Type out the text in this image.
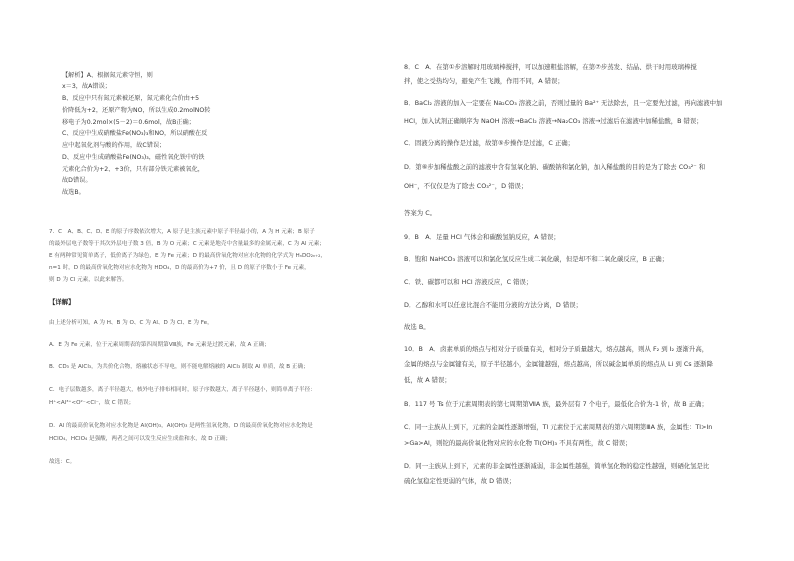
【解析】A、根据氮元素守恒，则
x＝3，故A错误；
B、反应中只有氮元素被还原，氮元素化合价由+5
价降低为+2，还原产物为NO，所以生成0.2molNO转
移电子为0.2mol×(5－2)＝0.6mol，故B正确；
C、反应中生成硝酸盐Fe(NO₃)₃和NO，所以硝酸在反
应中起氧化剂与酸的作用，故C错误；
D、反应中生成硝酸盐Fe(NO₃)₃，磁性氧化铁中的铁
元素化合价为+2、+3价，只有部分铁元素被氧化，
故D错误。
故选B。
7．C　A、B、C、D、E 的原子序数依次增大，A 原子是主族元素中原子半径最小的，A 为 H 元素；B 原子
的最外层电子数等于其次外层电子数 3 倍，B 为 O 元素；C 元素是地壳中含量最多的金属元素，C 为 Al 元素；
E 有两种常见简单离子，低价离子为绿色，E 为 Fe 元素；D 的最高价氧化物对应水化物的化学式为 HₙDO₂ₙ₊₂，
n=1 时，D 的最高价氧化物对应水化物为 HDO₄，D 的最高价为+7 价，且 D 的原子序数小于 Fe 元素，
则 D 为 Cl 元素，以此来解答。
【详解】
由上述分析可知，A 为 H、B 为 O、C 为 Al、D 为 Cl、E 为 Fe，
A．E 为 Fe 元素，位于元素周期表的第四周期第Ⅷ族，Fe 元素是过渡元素，故 A 正确；
B．CD₃ 是 AlCl₃，为共价化合物，熔融状态不导电，则不能电解熔融的 AlCl₃ 制取 Al 单质，故 B 正确；
C．电子层数越多，离子半径越大，核外电子排布相同时，原子序数越大，离子半径越小，则简单离子半径：
H⁺<Al³⁺<O²⁻<Cl⁻，故 C 错误；
D．Al 的最高价氧化物对应水化物是 Al(OH)₃，Al(OH)₃ 是两性氢氧化物，D 的最高价氧化物对应水化物是
HClO₄，HClO₄ 是强酸，两者之间可以发生反应生成盐和水，故 D 正确；
故选：C。
8．C　A．在第①步溶解时用玻璃棒搅拌，可以加速粗盐溶解，在第⑦步蒸发、结晶、烘干时用玻璃棒搅
拌，使之受热均匀，避免产生飞溅，作用不同，A 错误；
B．BaCl₂ 溶液的加入一定要在 Na₂CO₃ 溶液之前，否则过量的 Ba²⁺ 无法除去，且一定要先过滤，再向滤液中加
HCl，加入试剂正确顺序为 NaOH 溶液→BaCl₂ 溶液→Na₂CO₃ 溶液→过滤后在滤液中加稀盐酸，B 错误；
C．固液分离的操作是过滤，故第⑤步操作是过滤，C 正确；
D．第⑥步加稀盐酸之前的滤液中含有氢氧化钠、碳酸钠和氯化钠，加入稀盐酸的目的是为了除去 CO₃²⁻ 和
OH⁻，不仅仅是为了除去 CO₃²⁻，D 错误；
答案为 C。
9．B　A．足量 HCl 气体会和碳酸氢钠反应，A 错误；
B．饱和 NaHCO₃ 溶液可以和氯化氢反应生成二氧化碳，但是却不和二氧化碳反应，B 正确；
C．铁、碳都可以和 HCl 溶液反应，C 错误；
D．乙醇和水可以任意比混合不能用分液的方法分离，D 错误；
故选 B。
10．B　A．卤素单质的熔点与相对分子质量有关，相对分子质量越大，熔点越高，则从 F₂ 到 I₂ 逐渐升高，
金属的熔点与金属键有关，原子半径越小，金属键越强，熔点越高，所以碱金属单质的熔点从 Li 到 Cs 逐渐降
低，故 A 错误；
B．117 号 Ts 位于元素周期表的第七周期第ⅦA 族，最外层有 7 个电子，最低化合价为-1 价，故 B 正确；
C．同一主族从上到下，元素的金属性逐渐增强，Tl 元素位于元素周期表的第六周期第ⅢA 族，金属性：Tl>In
>Ga>Al，则铊的最高价氧化物对应的水化物 Tl(OH)₃ 不具有两性，故 C 错误；
D．同一主族从上到下，元素的非金属性逐渐减弱，非金属性越强，简单氢化物的稳定性越强，则硒化氢是比
硫化氢稳定性更弱的气体，故 D 错误；
